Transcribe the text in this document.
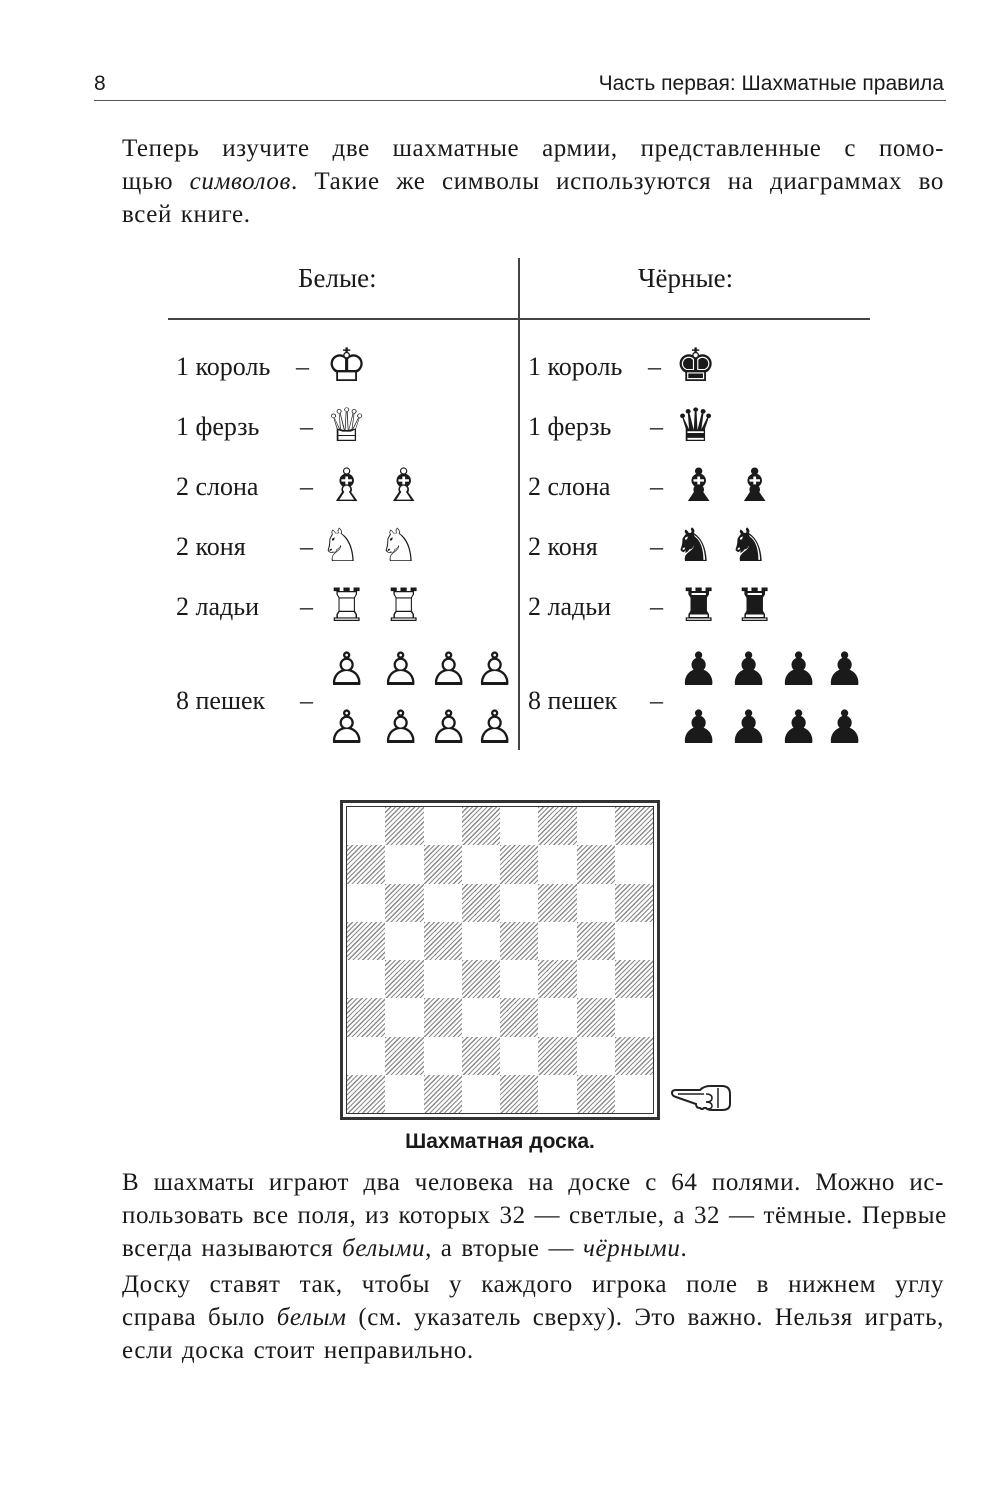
8	Часть первая: Шахматные правила
Теперь изучите две шахматные армии, представленные с помо-
щью символов. Такие же символы используются на диаграммах во
всей книге.
Белые:	Чёрные:
1 король – ♔
1 ферзь – ♕
2 слона – ♗ ♗
2 коня – ♘ ♘
2 ладьи – ♖ ♖
8 пешек –
♙ ♙ ♙ ♙
♙ ♙ ♙ ♙
1 король – ♚
1 ферзь – ♛
2 слона – ♝ ♝
2 коня – ♞ ♞
2 ладьи – ♜ ♜
8 пешек –
♟ ♟ ♟ ♟
♟ ♟ ♟ ♟
Шахматная доска.
В шахматы играют два человека на доске с 64 полями. Можно ис-
пользовать все поля, из которых 32 — светлые, а 32 — тёмные. Первые
всегда называются белыми, а вторые — чёрными.
Доску ставят так, чтобы у каждого игрока поле в нижнем углу
справа было белым (см. указатель сверху). Это важно. Нельзя играть,
если доска стоит неправильно.
